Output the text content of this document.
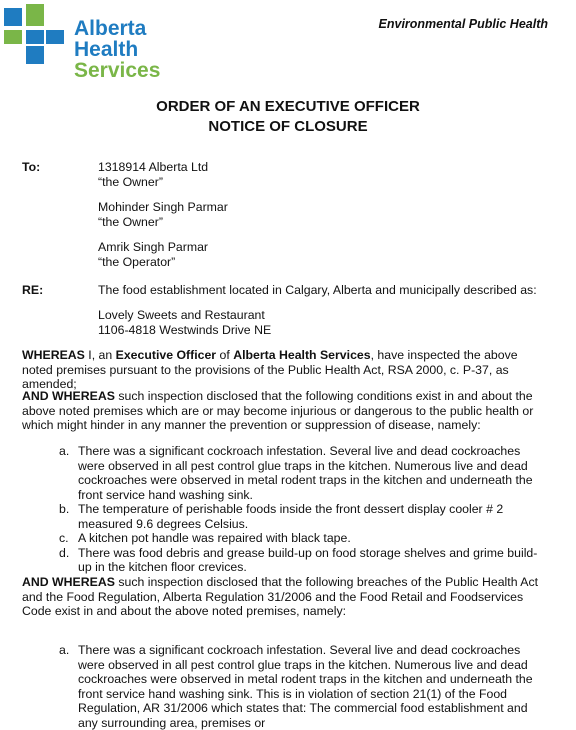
Alberta Health
Services
Environmental Public Health
ORDER OF AN EXECUTIVE OFFICER
NOTICE OF CLOSURE
To:	1318914 Alberta Ltd
“the Owner”
Mohinder Singh Parmar
“the Owner”
Amrik Singh Parmar
“the Operator”
RE:	The food establishment located in Calgary, Alberta and municipally described as:
Lovely Sweets and Restaurant
1106-4818 Westwinds Drive NE
WHEREAS I, an Executive Officer of Alberta Health Services, have inspected the above noted premises pursuant to the provisions of the Public Health Act, RSA 2000, c. P-37, as amended;
AND WHEREAS such inspection disclosed that the following conditions exist in and about the above noted premises which are or may become injurious or dangerous to the public health or which might hinder in any manner the prevention or suppression of disease, namely:
a. There was a significant cockroach infestation. Several live and dead cockroaches were observed in all pest control glue traps in the kitchen. Numerous live and dead cockroaches were observed in metal rodent traps in the kitchen and underneath the front service hand washing sink.
b. The temperature of perishable foods inside the front dessert display cooler # 2 measured 9.6 degrees Celsius.
c. A kitchen pot handle was repaired with black tape.
d. There was food debris and grease build-up on food storage shelves and grime build-up in the kitchen floor crevices.
AND WHEREAS such inspection disclosed that the following breaches of the Public Health Act and the Food Regulation, Alberta Regulation 31/2006 and the Food Retail and Foodservices Code exist in and about the above noted premises, namely:
a. There was a significant cockroach infestation. Several live and dead cockroaches were observed in all pest control glue traps in the kitchen. Numerous live and dead cockroaches were observed in metal rodent traps in the kitchen and underneath the front service hand washing sink. This is in violation of section 21(1) of the Food Regulation, AR 31/2006 which states that: The commercial food establishment and any surrounding area, premises or
